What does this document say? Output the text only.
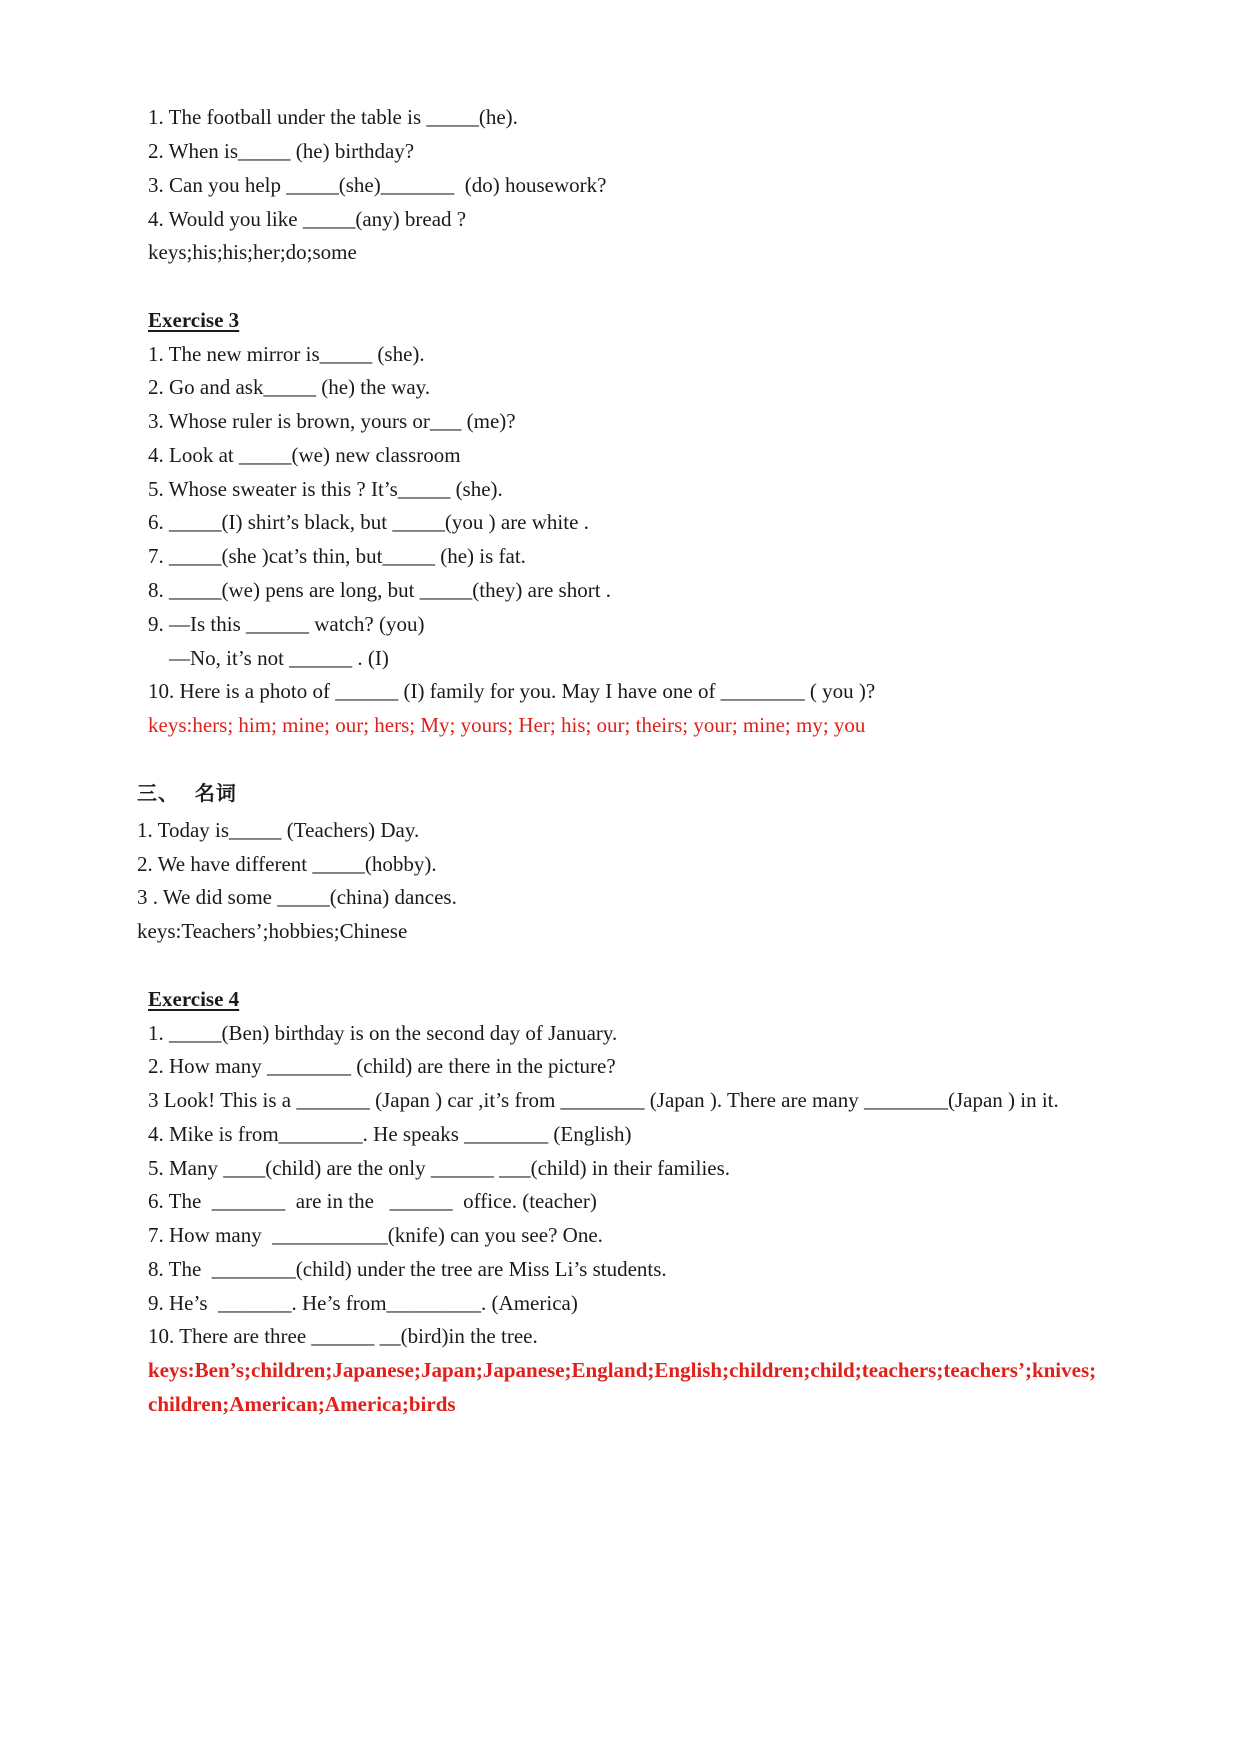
1. The football under the table is _____(he).

2. When is_____ (he) birthday?

3. Can you help _____(she)_______  (do) housework?

4. Would you like _____(any) bread ?

keys;his;his;her;do;some

Exercise 3

1. The new mirror is_____ (she).

2. Go and ask_____ (he) the way.

3. Whose ruler is brown, yours or___ (me)?

4. Look at _____(we) new classroom

5. Whose sweater is this ? It’s_____ (she).

6. _____(I) shirt’s black, but _____(you ) are white .

7. _____(she )cat’s thin, but_____ (he) is fat.

8. _____(we) pens are long, but _____(they) are short .

9. —Is this ______ watch? (you)

—No, it’s not ______ . (I)

10. Here is a photo of ______ (I) family for you. May I have one of ________ ( you )?

keys:hers; him; mine; our; hers; My; yours; Her; his; our; theirs; your; mine; my; you

三、  名词

1. Today is_____ (Teachers) Day.

2. We have different _____(hobby).

3 . We did some _____(china) dances.

keys:Teachers’;hobbies;Chinese

Exercise 4

1. _____(Ben) birthday is on the second day of January.

2. How many ________ (child) are there in the picture?

3 Look! This is a _______ (Japan ) car ,it’s from ________ (Japan ). There are many ________(Japan ) in it.

4. Mike is from________. He speaks ________ (English)

5. Many ____(child) are the only ______ ___(child) in their families.

6. The  _______  are in the   ______  office. (teacher)

7. How many  ___________(knife) can you see? One.

8. The  ________(child) under the tree are Miss Li’s students.

9. He’s  _______. He’s from_________. (America)

10. There are three ______ __(bird)in the tree.

keys:Ben’s;children;Japanese;Japan;Japanese;England;English;children;child;teachers;teachers’;knives;

children;American;America;birds
